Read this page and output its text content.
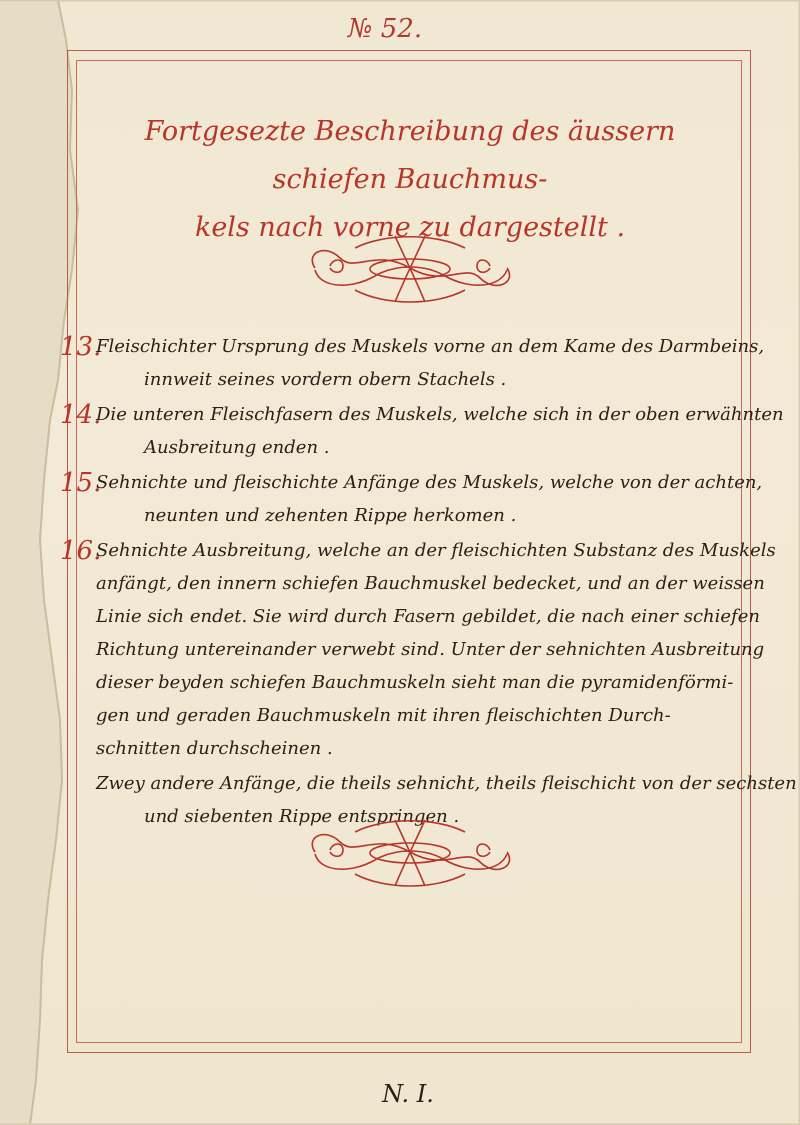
№ 52.
Fortgesezte Beschreibung des äussern schiefen Bauchmus-
kels nach vorne zu dargestellt .
13.
Fleischichter Ursprung des Muskels vorne an dem Kame des Darmbeins,
innweit seines vordern obern Stachels .
14.
Die unteren Fleischfasern des Muskels, welche sich in der oben erwähnten
Ausbreitung enden .
15.
Sehnichte und fleischichte Anfänge des Muskels, welche von der achten,
neunten und zehenten Rippe herkomen .
16.
Sehnichte Ausbreitung, welche an der fleischichten Substanz des Muskels
anfängt, den innern schiefen Bauchmuskel bedecket, und an der weissen
Linie sich endet. Sie wird durch Fasern gebildet, die nach einer schiefen
Richtung untereinander verwebt sind. Unter der sehnichten Ausbreitung
dieser beyden schiefen Bauchmuskeln sieht man die pyramidenförmi-
gen und geraden Bauchmuskeln mit ihren fleischichten Durch-
schnitten durchscheinen .
Zwey andere Anfänge, die theils sehnicht, theils fleischicht von der sechsten
und siebenten Rippe entspringen .
N. I.
